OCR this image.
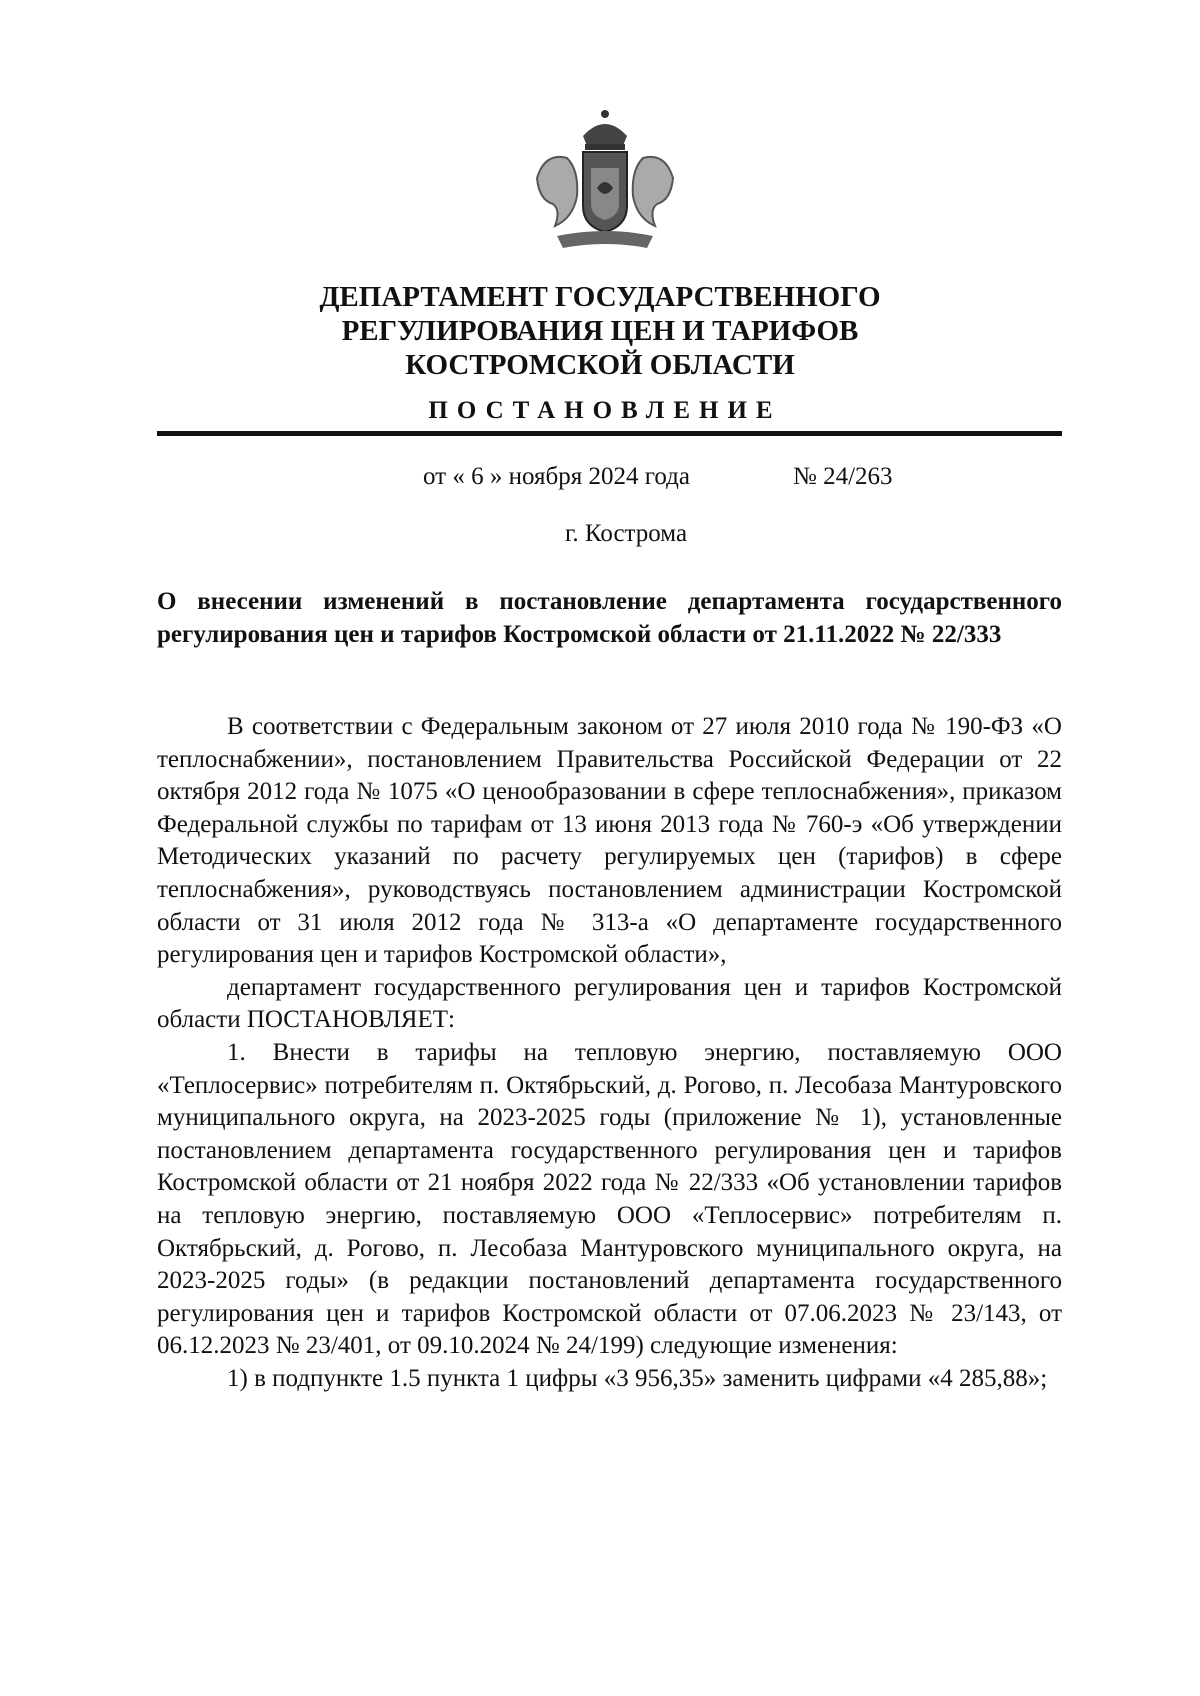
ДЕПАРТАМЕНТ ГОСУДАРСТВЕННОГО
РЕГУЛИРОВАНИЯ ЦЕН И ТАРИФОВ
КОСТРОМСКОЙ ОБЛАСТИ
ПОСТАНОВЛЕНИЕ
от « 6 » ноября 2024 года	№ 24/263
г. Кострома
О внесении изменений в постановление департамента государственного регулирования цен и тарифов Костромской области от 21.11.2022 № 22/333

В соответствии с Федеральным законом от 27 июля 2010 года № 190-ФЗ «О теплоснабжении», постановлением Правительства Российской Федерации от 22 октября 2012 года № 1075 «О ценообразовании в сфере теплоснабжения», приказом Федеральной службы по тарифам от 13 июня 2013 года № 760-э «Об утверждении Методических указаний по расчету регулируемых цен (тарифов) в сфере теплоснабжения», руководствуясь постановлением администрации Костромской области от 31 июля 2012 года № 313-а «О департаменте государственного регулирования цен и тарифов Костромской области»,

департамент государственного регулирования цен и тарифов Костромской области ПОСТАНОВЛЯЕТ:

1. Внести в тарифы на тепловую энергию, поставляемую ООО «Теплосервис» потребителям п. Октябрьский, д. Рогово, п. Лесобаза Мантуровского муниципального округа, на 2023-2025 годы (приложение № 1), установленные постановлением департамента государственного регулирования цен и тарифов Костромской области от 21 ноября 2022 года № 22/333 «Об установлении тарифов на тепловую энергию, поставляемую ООО «Теплосервис» потребителям п. Октябрьский, д. Рогово, п. Лесобаза Мантуровского муниципального округа, на 2023-2025 годы» (в редакции постановлений департамента государственного регулирования цен и тарифов Костромской области от 07.06.2023 № 23/143, от 06.12.2023 № 23/401, от 09.10.2024 № 24/199) следующие изменения:

1) в подпункте 1.5 пункта 1 цифры «3 956,35» заменить цифрами «4 285,88»;
